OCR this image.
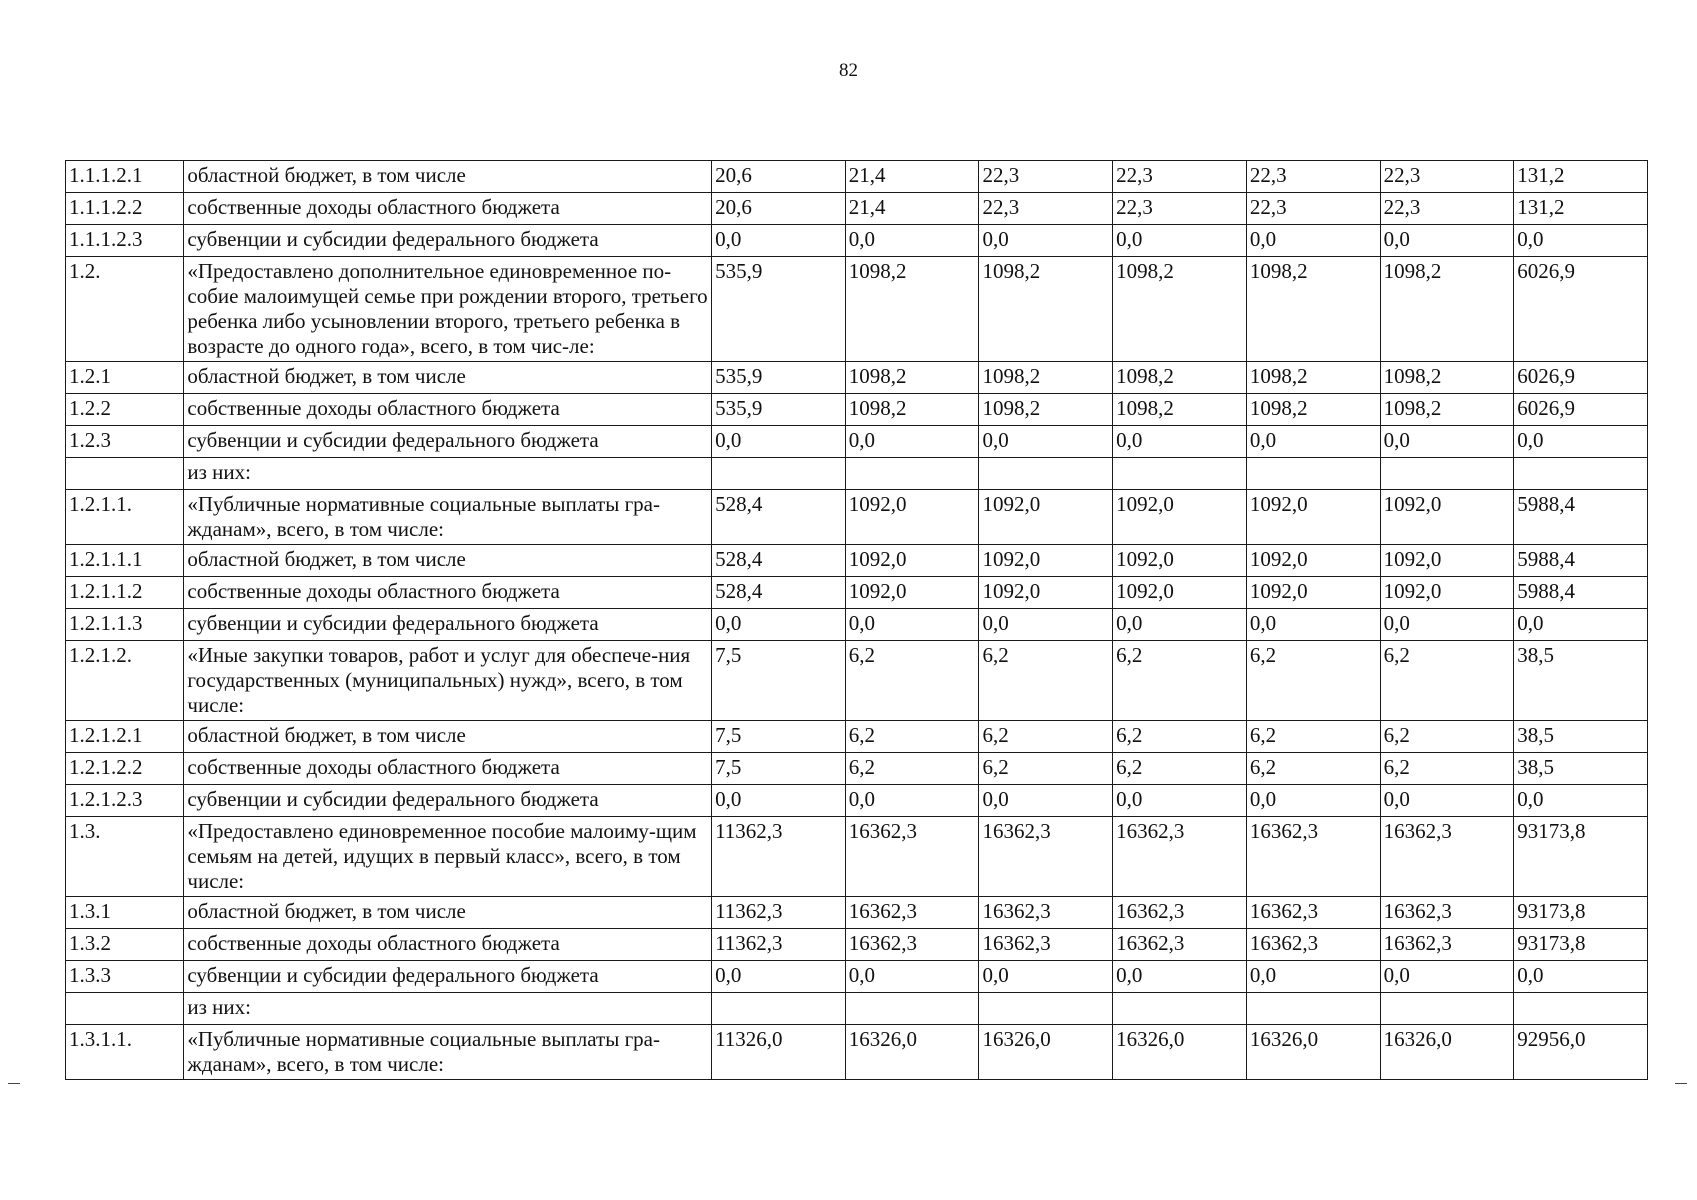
82
1.1.1.2.1	областной бюджет, в том числе	20,6	21,4	22,3	22,3	22,3	22,3	131,2
1.1.1.2.2	собственные доходы областного бюджета	20,6	21,4	22,3	22,3	22,3	22,3	131,2
1.1.1.2.3	субвенции и субсидии федерального бюджета	0,0	0,0	0,0	0,0	0,0	0,0	0,0
1.2.	«Предоставлено дополнительное единовременное по-собие малоимущей семье при рождении второго, третьего ребенка либо усыновлении второго, третьего ребенка в возрасте до одного года», всего, в том чис-ле:	535,9	1098,2	1098,2	1098,2	1098,2	1098,2	6026,9
1.2.1	областной бюджет, в том числе	535,9	1098,2	1098,2	1098,2	1098,2	1098,2	6026,9
1.2.2	собственные доходы областного бюджета	535,9	1098,2	1098,2	1098,2	1098,2	1098,2	6026,9
1.2.3	субвенции и субсидии федерального бюджета	0,0	0,0	0,0	0,0	0,0	0,0	0,0
	из них:							
1.2.1.1.	«Публичные нормативные социальные выплаты гра-жданам», всего, в том числе:	528,4	1092,0	1092,0	1092,0	1092,0	1092,0	5988,4
1.2.1.1.1	областной бюджет, в том числе	528,4	1092,0	1092,0	1092,0	1092,0	1092,0	5988,4
1.2.1.1.2	собственные доходы областного бюджета	528,4	1092,0	1092,0	1092,0	1092,0	1092,0	5988,4
1.2.1.1.3	субвенции и субсидии федерального бюджета	0,0	0,0	0,0	0,0	0,0	0,0	0,0
1.2.1.2.	«Иные закупки товаров, работ и услуг для обеспече-ния государственных (муниципальных) нужд», всего, в том числе:	7,5	6,2	6,2	6,2	6,2	6,2	38,5
1.2.1.2.1	областной бюджет, в том числе	7,5	6,2	6,2	6,2	6,2	6,2	38,5
1.2.1.2.2	собственные доходы областного бюджета	7,5	6,2	6,2	6,2	6,2	6,2	38,5
1.2.1.2.3	субвенции и субсидии федерального бюджета	0,0	0,0	0,0	0,0	0,0	0,0	0,0
1.3.	«Предоставлено единовременное пособие малоиму-щим семьям на детей, идущих в первый класс», всего, в том числе:	11362,3	16362,3	16362,3	16362,3	16362,3	16362,3	93173,8
1.3.1	областной бюджет, в том числе	11362,3	16362,3	16362,3	16362,3	16362,3	16362,3	93173,8
1.3.2	собственные доходы областного бюджета	11362,3	16362,3	16362,3	16362,3	16362,3	16362,3	93173,8
1.3.3	субвенции и субсидии федерального бюджета	0,0	0,0	0,0	0,0	0,0	0,0	0,0
	из них:							
1.3.1.1.	«Публичные нормативные социальные выплаты гра-жданам», всего, в том числе:	11326,0	16326,0	16326,0	16326,0	16326,0	16326,0	92956,0
